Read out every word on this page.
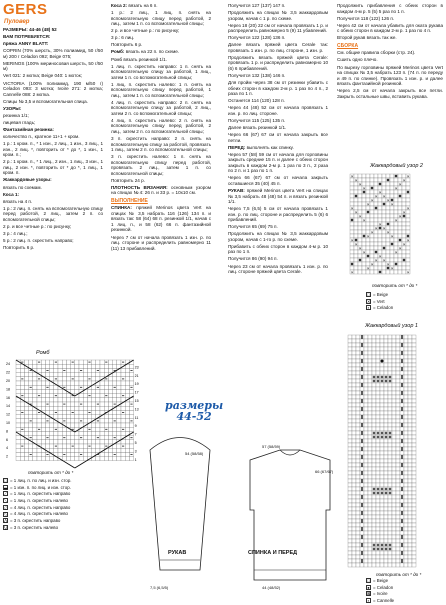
GERS
Пуловер

РАЗМЕРЫ: 44-46 (48) 52

ВАМ ПОТРЕБУЕТСЯ:

пряжа ANNY BLATT:

COPRIN (70% шерсть, 30% полиамид, 50 г/50 м) 200 г Celadon 092; Beige 075;

MERINOS (100% мериносовая шерсть, 50 г/50 м)

Vert 021: 2 мотка; Beige 040: 1 моток;

VICTORIA (100% полиамид, 190 м/50 г) Celadon 093: 3 мотка; Ivoire 271: 2 мотка; Cannelle 088: 2 мотка.

Спицы № 3,5 и вспомогательная спица.

УЗОРЫ:

резинка 1/1;

лицевая гладь;

Фантазийная резинка:

количество п., кратное 11+1 + кром.

1 р.: 1 кром. п., * 1 изн., 2 лиц., 1 изн., 3 лиц., 1 изн., 2 лиц. *, повторить от * до *, 1 изн., 1 кром. п.;

2 р.: 1 кром. п., * 1 лиц., 2 изн., 1 лиц., 3 изн., 1 лиц., 2 изн. *, повторить от * до *, 1 лиц., 1 кром. п.

Жаккардовые узоры:

вязать по схемам.

Коса 1:

вязать на 4 п.

1 р.: 2 лиц. п. снять на вспомогательную спицу перед работой, 2 лиц., затем 2 п. со вспомогательной спицы;

2 р. и все четные р.: по рисунку;

3 р.: 4 лиц.;

5 р.: 2 лиц. п. скрестить направо;

Повторить 6 р.

Коса 2: вязать на 6 п.

1 р.: 2 лиц., 1 лиц. п. снять на вспомогательную спицу перед работой, 2 лиц., затем 1 п. со вспомогательной спицы;

2 р. и все четные р.: по рисунку;

3 р.: 6 лиц.

Повторить 6 р.

Ромб: вязать на 22 п. по схеме.

Ромб вязать резинкой 1/1.

1 лиц. п. скрестить направо: 1 п. снять на вспомогательную спицу за работой, 1 лиц., затем 1 п. со вспомогательной спицы;

1 лиц. п. скрестить налево: 1 п. снять на вспомогательную спицу перед работой, 1 лиц., затем 1 п. со вспомогательной спицы;

4 лиц. п. скрестить направо: 2 п. снять на вспомогательную спицу за работой, 2 лиц., затем 2 п. со вспомогательной спицы;

4 лиц. п. скрестить налево: 2 п. снять на вспомогательную спицу перед работой, 2 лиц., затем 2 п. со вспомогательной спицы;

3 п. скрестить направо: 2 п. снять на вспомогательную спицу за работой, провязать 1 лиц., затем 2 п. со вспомогательной спицы;

3 п. скрестить налево: 1 п. снять на вспомогательную спицу перед работой, провязать 2 лиц., затем 1 п. со вспомогательной спицы;

Повторить 24 р.

ПЛОТНОСТЬ ВЯЗАНИЯ: основным узором на спицах № 4: 26 п. и 33 р. = 10x10 см.

ВЫПОЛНЕНИЕ

СПИНКА: пряжей Merinos цвета Vert на спицах № 3,5 набрать 116 (126) 134 п. и вязать так: 58 (64) 68 п. резинкой 1/1, начав с 1 лиц. п., и 58 (62) 66 п. фантазийной резинкой.

Через 7 см от начала провязать 1 изн. р. по лиц. стороне и распределить равномерно 11 (11) 13 прибавлений.

Получится 127 (137) 147 п.

Продолжить на спицах № 3,5 жаккардовым узором, начав с 1 р. по схеме.

Через 18 (20) 22 см от начала провязать 1 р. и распределить равномерно 5 (9) 11 убавлений.

Получится 122 (128) 136 п.

Далее вязать пряжей цвета Cerale так: провязать 1 изн. р. по лиц. стороне, 1 изн. р.

Продолжить вязать пряжей цвета Cerale: провязать 1 р. и распределить равномерно 10 (6) 6 прибавлений.

Получится 132 (138) 146 п.

Для пройм через 38 см от резинки убавить с обеих сторон в каждом 2-м р. 1 раз по 4 п., 2 раза по 1 п.

Останется 114 (120) 128 п.

Через 44 (48) 52 см от начала провязать 1 изн. р. по лиц. стороне.

Получится 115 (125) 135 п.

Далее вязать резинкой 1/1.

Через 66 (67) 67 см от начала закрыть все петли.

ПЕРЕД: выполнять как спинку.

Через 57 (58) 59 см от начала для горловины закрыть средние 15 п. и далее с обеих сторон закрыть в каждом 2-м р. 1 раз по 3 п., 2 раза по 2 п. и 1 раз по 1 п.

Через 66 (67) 67 см от начала закрыть оставшиеся 35 (40) 45 п.

РУКАВ: пряжей Merinos цвета Vert на спицах № 3,5 набрать 48 (48) 54 п. и вязать резинкой 1/1.

Через 7,5 (6,5) 5 см от начала провязать 1 изн. р. по лиц. стороне и распределить 5 (6) 6 прибавлений.

Получится 65 (69) 75 п.

Продолжить на спицах № 3,5 жаккардовым узором, начав с 1-го р. по схеме.

Прибавить с обеих сторон в каждом 4-м р. 10 раз по 1 п.

Получится 86 (90) 94 п.

Через 23 см от начала провязать 1 изн. р. по лиц. стороне пряжей цвета Cerale.

Продолжить прибавления с обеих сторон в каждом 4-м р. 5 (5) 5 раз по 1 п.

Получится 118 (122) 126 п.

Через 42 см от начала убавить для оката рукава с обеих сторон в каждом 2-м р. 1 раз по 4 п.

Второй рукав вязать так же.

СБОРКА

См. общие правила сборки (стр. 24).

Сшить одно плечо.

По вырезу горловины пряжей Merinos цвета Vert на спицах № 3,5 набрать 123 п. (74 п. по переду и 49 п. по спинке). Провязать 1 изн. р. и далее вязать фантазийной резинкой.

Через 2,5 см от начала закрыть все петли. Закрыть остальные швы, вставить рукава.

Жаккардовый узор 2
×	×
×	×
×	×
×	×
×
× ×
×	×
×	×
×	×
×	×
×	×
×	×
×
× ×
×	×
×	×
×	×
×	×
×	×
×	×
×
× ×
×	×
×	×
×	×
повторить от * до *
□ = Beige
✕ = Vert
▪ = Celadon
Жаккардовый узор 1
повторить от * до *
□ = Beige
● = Celadon
⊠ = Ivoire
▪ = Cannelle
Ромб
24
22
20
18
16
14
12
10
8
6
4
2
23
21
19
17
15
13
11
9
7
5
3
1
повторить от * до *
□ = 1 лиц. п. по лиц. и изн. стор.
▬ = 1 изн. п. по лиц. и изн. стор.
⟋ = 1 лиц. п. скрестить направо
⟍ = 1 лиц. п. скрестить налево
⧸⧸ = 4 лиц. п. скрестить направо
⧹⧹ = 4 лиц. п. скрестить налево
⋀ = 3 п. скрестить направо
⋁ = 3 п. скрестить налево
размеры
44-52
РУКАВ	СПИНКА И ПЕРЕД
54 (58/58)
7,5 (6,5/5)
57 (58/59)
66 (67/67)
44 (48/52)
